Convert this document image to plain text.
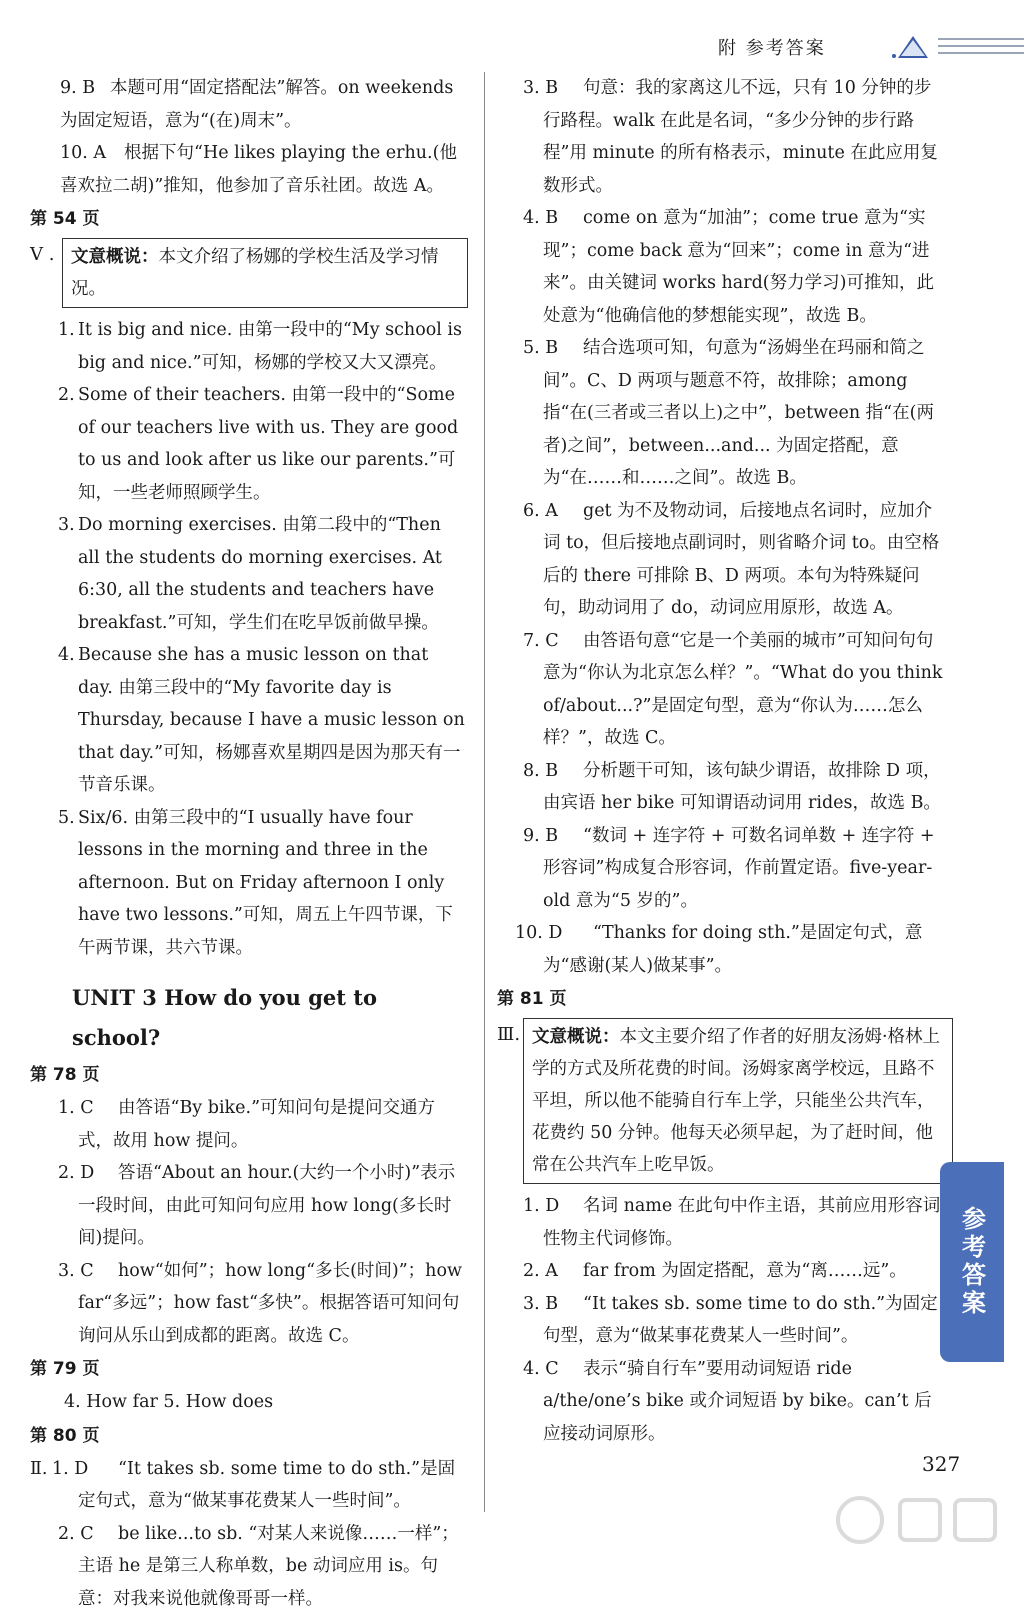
附 参考答案
9. B 本题可用“固定搭配法”解答。on weekends 为固定短语，意为“(在)周末”。
10. A	根据下句“He likes playing the erhu.(他喜欢拉二胡)”推知，他参加了音乐社团。故选 A。
第 54 页
V . 文意概说：本文介绍了杨娜的学校生活及学习情况。
1. It is big and nice. 由第一段中的“My school is big and nice.”可知，杨娜的学校又大又漂亮。
2. Some of their teachers. 由第一段中的“Some of our teachers live with us. They are good to us and look after us like our parents.”可知，一些老师照顾学生。
3. Do morning exercises. 由第二段中的“Then all the students do morning exercises. At 6:30, all the students and teachers have breakfast.”可知，学生们在吃早饭前做早操。
4. Because she has a music lesson on that day. 由第三段中的“My favorite day is Thursday, because I have a music lesson on that day.”可知，杨娜喜欢星期四是因为那天有一节音乐课。
5. Six/6. 由第三段中的“I usually have four lessons in the morning and three in the afternoon. But on Friday afternoon I only have two lessons.”可知，周五上午四节课，下午两节课，共六节课。
UNIT 3 How do you get to school?
第 78 页
1. C	由答语“By bike.”可知问句是提问交通方式，故用 how 提问。
2. D	答语“About an hour.(大约一个小时)”表示一段时间，由此可知问句应用 how long(多长时间)提问。
3. C	how“如何”；how long“多长(时间)”；how far“多远”；how fast“多快”。根据答语可知问句询问从乐山到成都的距离。故选 C。
第 79 页
4. How far 5. How does
第 80 页
Ⅱ. 1. D	“It takes sb. some time to do sth.”是固定句式，意为“做某事花费某人一些时间”。
2. C	be like...to sb. “对某人来说像……一样”；主语 he 是第三人称单数，be 动词应用 is。句意：对我来说他就像哥哥一样。
3. B	句意：我的家离这儿不远，只有 10 分钟的步行路程。walk 在此是名词，“多少分钟的步行路程”用 minute 的所有格表示，minute 在此应用复数形式。
4. B	come on 意为“加油”；come true 意为“实现”；come back 意为“回来”；come in 意为“进来”。由关键词 works hard(努力学习)可推知，此处意为“他确信他的梦想能实现”，故选 B。
5. B	结合选项可知，句意为“汤姆坐在玛丽和简之间”。C、D 两项与题意不符，故排除；among 指“在(三者或三者以上)之中”，between 指“在(两者)之间”，between...and... 为固定搭配，意为“在……和……之间”。故选 B。
6. A	get 为不及物动词，后接地点名词时，应加介词 to，但后接地点副词时，则省略介词 to。由空格后的 there 可排除 B、D 两项。本句为特殊疑问句，助动词用了 do，动词应用原形，故选 A。
7. C	由答语句意“它是一个美丽的城市”可知问句句意为“你认为北京怎么样？”。“What do you think of/about...?”是固定句型，意为“你认为……怎么样？”，故选 C。
8. B	分析题干可知，该句缺少谓语，故排除 D 项，由宾语 her bike 可知谓语动词用 rides，故选 B。
9. B	“数词 + 连字符 + 可数名词单数 + 连字符 + 形容词”构成复合形容词，作前置定语。five-year-old 意为“5 岁的”。
10. D	“Thanks for doing sth.”是固定句式，意为“感谢(某人)做某事”。
第 81 页
Ⅲ. 文意概说：本文主要介绍了作者的好朋友汤姆·格林上学的方式及所花费的时间。汤姆家离学校远，且路不平坦，所以他不能骑自行车上学，只能坐公共汽车，花费约 50 分钟。他每天必须早起，为了赶时间，他常在公共汽车上吃早饭。
1. D	名词 name 在此句中作主语，其前应用形容词性物主代词修饰。
2. A	far from 为固定搭配，意为“离……远”。
3. B	“It takes sb. some time to do sth.”为固定句型，意为“做某事花费某人一些时间”。
4. C	表示“骑自行车”要用动词短语 ride a/the/one’s bike 或介词短语 by bike。can’t 后应接动词原形。
参考答案
327
